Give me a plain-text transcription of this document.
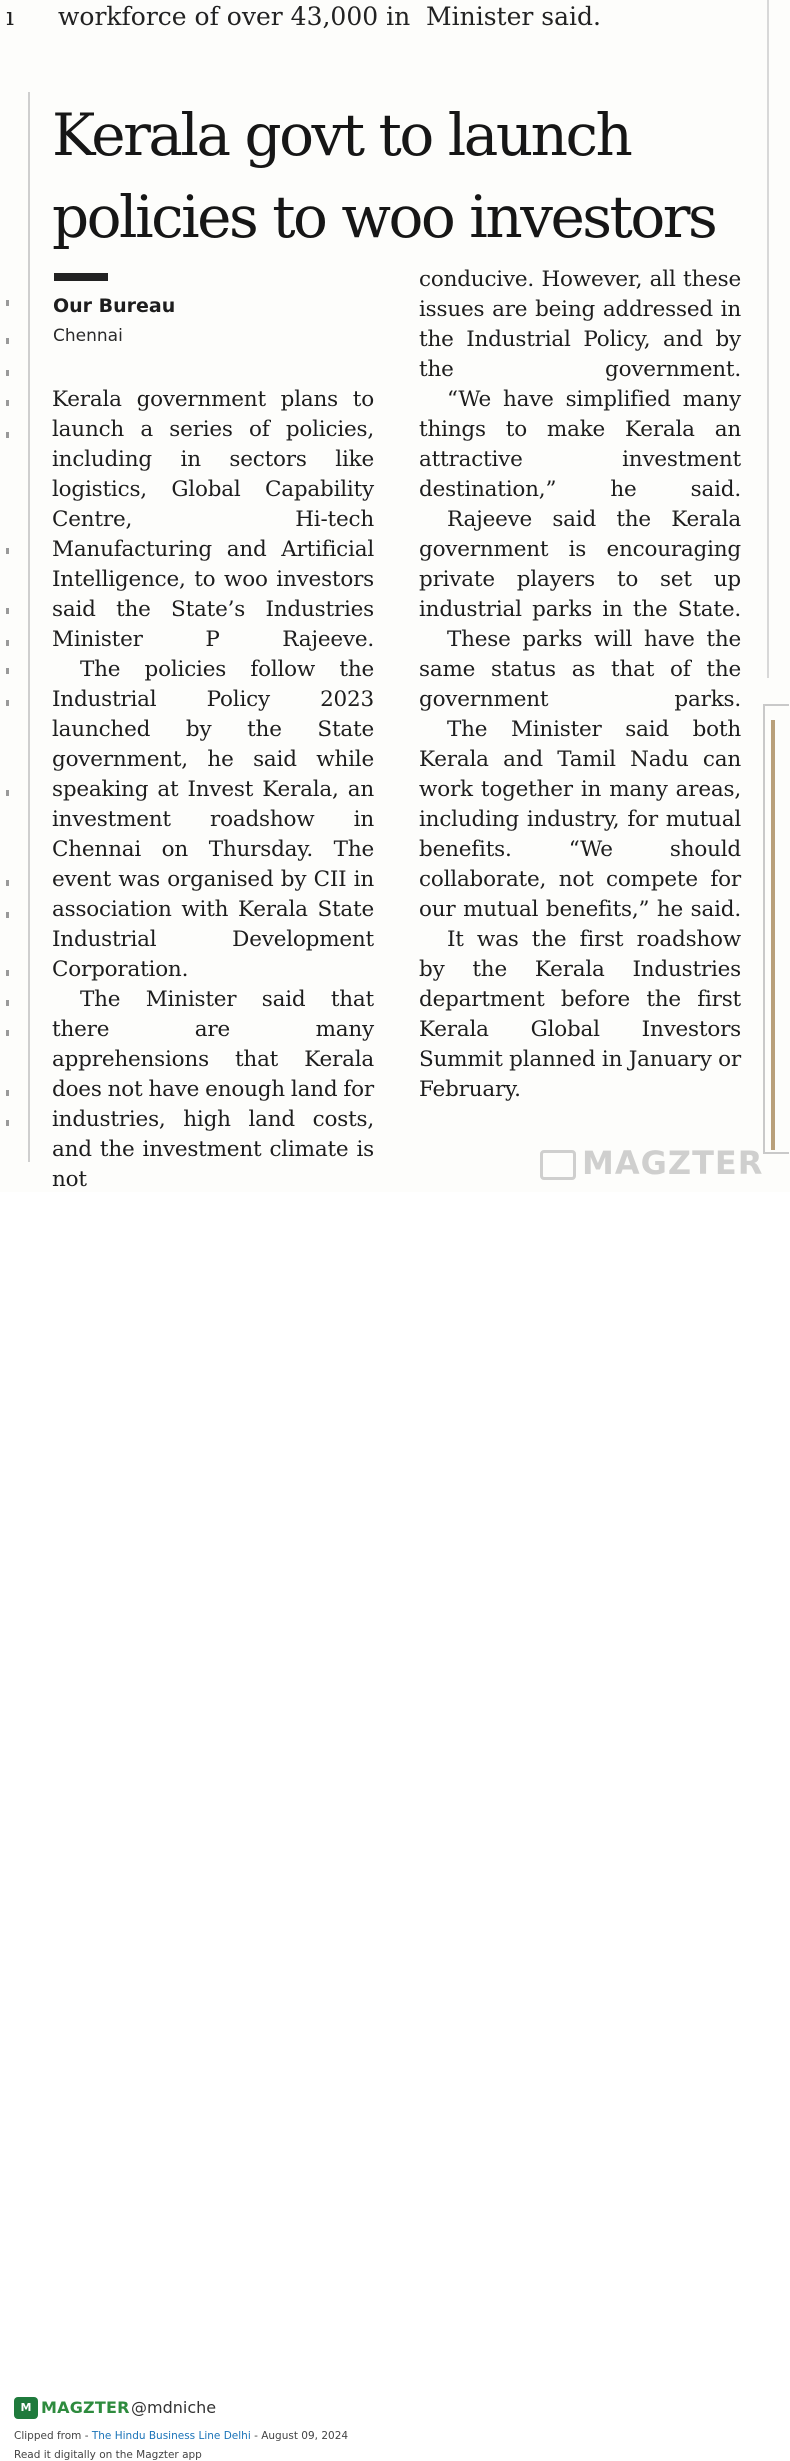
ı workforce of over 43,000 in Minister said.
Kerala govt to launch policies to woo investors
Our Bureau
Chennai

Kerala government plans to launch a series of policies, including in sectors like logistics, Global Capability Centre, Hi-tech Manufacturing and Artificial Intelligence, to woo investors said the State’s Industries Minister P Rajeeve.

The policies follow the Industrial Policy 2023 launched by the State government, he said while speaking at Invest Kerala, an investment roadshow in Chennai on Thursday. The event was organised by CII in association with Kerala State Industrial Development Corporation.

The Minister said that there are many apprehensions that Kerala does not have enough land for industries, high land costs, and the investment climate is not

conducive. However, all these issues are being addressed in the Industrial Policy, and by the government.

“We have simplified many things to make Kerala an attractive investment destination,” he said.

Rajeeve said the Kerala government is encouraging private players to set up industrial parks in the State.

These parks will have the same status as that of the government parks.

The Minister said both Kerala and Tamil Nadu can work together in many areas, including industry, for mutual benefits. “We should collaborate, not compete for our mutual benefits,” he said.

It was the first roadshow by the Kerala Industries department before the first Kerala Global Investors Summit planned in January or February.

MAGZTER
M MAGZTER @mdniche
Clipped from - The Hindu Business Line Delhi - August 09, 2024
Read it digitally on the Magzter app
